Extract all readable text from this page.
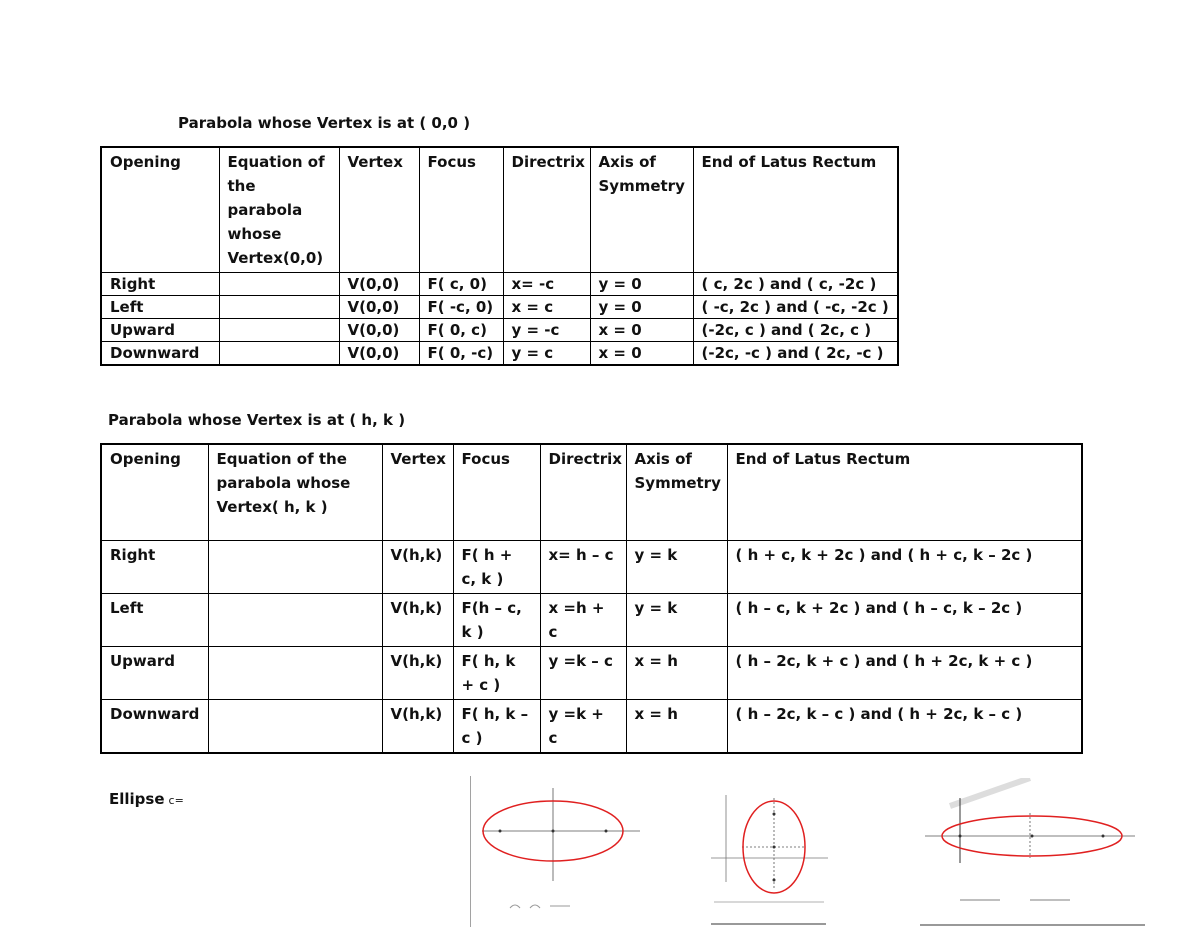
Parabola whose Vertex is at ( 0,0 )
Opening	Equation of the parabola whose Vertex(0,0)	Vertex	Focus	Directrix	Axis of Symmetry	End of Latus Rectum
Right		V(0,0)	F( c, 0)	x= -c	y = 0	( c, 2c ) and ( c, -2c )
Left		V(0,0)	F( -c, 0)	x = c	y = 0	( -c, 2c ) and ( -c, -2c )
Upward		V(0,0)	F( 0, c)	y = -c	x = 0	(-2c, c ) and ( 2c, c )
Downward		V(0,0)	F( 0, -c)	y = c	x = 0	(-2c, -c ) and ( 2c, -c )
Parabola whose Vertex is at ( h, k )
Opening	Equation of the parabola whose Vertex( h, k )	Vertex	Focus	Directrix	Axis of Symmetry	End of Latus Rectum
Right		V(h,k)	F( h + c, k )	x= h – c	y = k	( h + c, k + 2c ) and ( h + c, k – 2c )
Left		V(h,k)	F(h – c, k )	x =h + c	y = k	( h – c, k + 2c ) and ( h – c, k – 2c )
Upward		V(h,k)	F( h, k + c )	y =k – c	x = h	( h – 2c, k + c ) and ( h + 2c, k + c )
Downward		V(h,k)	F( h, k – c )	y =k + c	x = h	( h – 2c, k – c ) and ( h + 2c, k – c )
Ellipse c=
